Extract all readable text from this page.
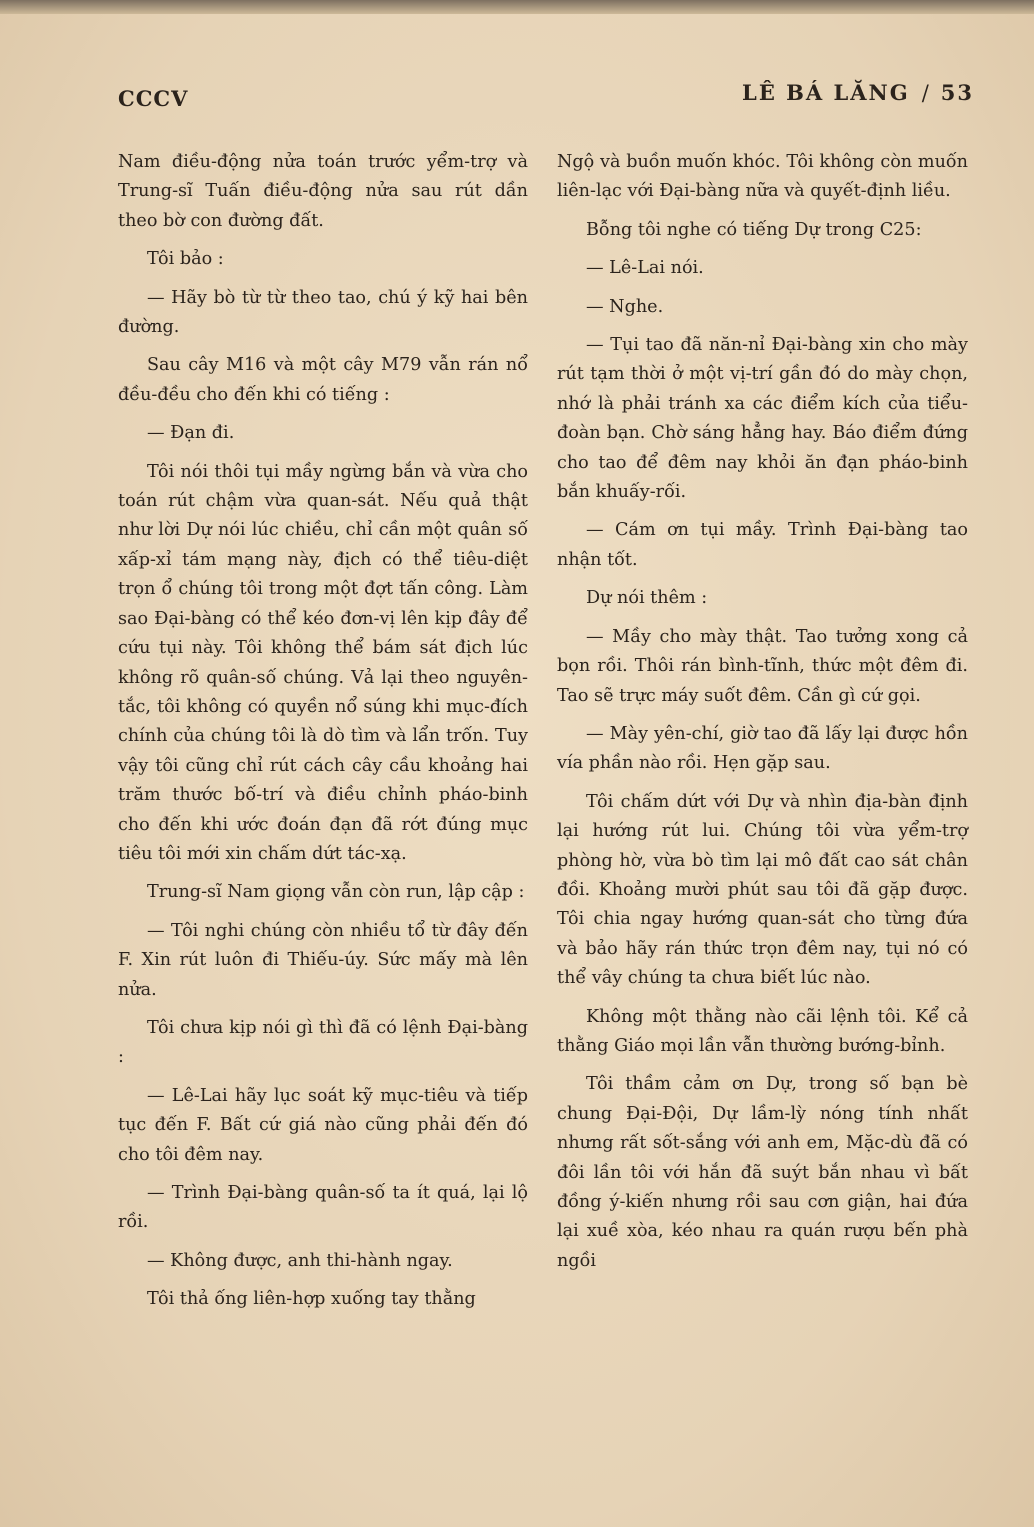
CCCV	LÊ BÁ LĂNG / 53

Nam điều-động nửa toán trước yểm-trợ và Trung-sĩ Tuấn điều-động nửa sau rút dần theo bờ con đường đất.

Tôi bảo :

— Hãy bò từ từ theo tao, chú ý kỹ hai bên đường.

Sau cây M16 và một cây M79 vẫn rán nổ đều-đều cho đến khi có tiếng :

— Đạn đi.

Tôi nói thôi tụi mầy ngừng bắn và vừa cho toán rút chậm vừa quan-sát. Nếu quả thật như lời Dự nói lúc chiều, chỉ cần một quân số xấp-xỉ tám mạng này, địch có thể tiêu-diệt trọn ổ chúng tôi trong một đợt tấn công. Làm sao Đại-bàng có thể kéo đơn-vị lên kịp đây để cứu tụi này. Tôi không thể bám sát địch lúc không rõ quân-số chúng. Vả lại theo nguyên-tắc, tôi không có quyền nổ súng khi mục-đích chính của chúng tôi là dò tìm và lẩn trốn. Tuy vậy tôi cũng chỉ rút cách cây cầu khoảng hai trăm thước bố-trí và điều chỉnh pháo-binh cho đến khi ước đoán đạn đã rớt đúng mục tiêu tôi mới xin chấm dứt tác-xạ.

Trung-sĩ Nam giọng vẫn còn run, lập cập :

— Tôi nghi chúng còn nhiều tổ từ đây đến F. Xin rút luôn đi Thiếu-úy. Sức mấy mà lên nửa.

Tôi chưa kịp nói gì thì đã có lệnh Đại-bàng :

— Lê-Lai hãy lục soát kỹ mục-tiêu và tiếp tục đến F. Bất cứ giá nào cũng phải đến đó cho tôi đêm nay.

— Trình Đại-bàng quân-số ta ít quá, lại lộ rồi.

— Không được, anh thi-hành ngay.

Tôi thả ống liên-hợp xuống tay thằng

Ngộ và buồn muốn khóc. Tôi không còn muốn liên-lạc với Đại-bàng nữa và quyết-định liều.

Bỗng tôi nghe có tiếng Dự trong C25:

— Lê-Lai nói.

— Nghe.

— Tụi tao đã năn-nỉ Đại-bàng xin cho mày rút tạm thời ở một vị-trí gần đó do mày chọn, nhớ là phải tránh xa các điểm kích của tiểu-đoàn bạn. Chờ sáng hẳng hay. Báo điểm đứng cho tao để đêm nay khỏi ăn đạn pháo-binh bắn khuấy-rối.

— Cám ơn tụi mầy. Trình Đại-bàng tao nhận tốt.

Dự nói thêm :

— Mầy cho mày thật. Tao tưởng xong cả bọn rồi. Thôi rán bình-tĩnh, thức một đêm đi. Tao sẽ trực máy suốt đêm. Cần gì cứ gọi.

— Mày yên-chí, giờ tao đã lấy lại được hồn vía phần nào rồi. Hẹn gặp sau.

Tôi chấm dứt với Dự và nhìn địa-bàn định lại hướng rút lui. Chúng tôi vừa yểm-trợ phòng hờ, vừa bò tìm lại mô đất cao sát chân đồi. Khoảng mười phút sau tôi đã gặp được. Tôi chia ngay hướng quan-sát cho từng đứa và bảo hãy rán thức trọn đêm nay, tụi nó có thể vây chúng ta chưa biết lúc nào.

Không một thằng nào cãi lệnh tôi. Kể cả thằng Giáo mọi lần vẫn thường bướng-bỉnh.

Tôi thầm cảm ơn Dự, trong số bạn bè chung Đại-Đội, Dự lầm-lỳ nóng tính nhất nhưng rất sốt-sắng với anh em, Mặc-dù đã có đôi lần tôi với hắn đã suýt bắn nhau vì bất đồng ý-kiến nhưng rồi sau cơn giận, hai đứa lại xuề xòa, kéo nhau ra quán rượu bến phà ngồi
